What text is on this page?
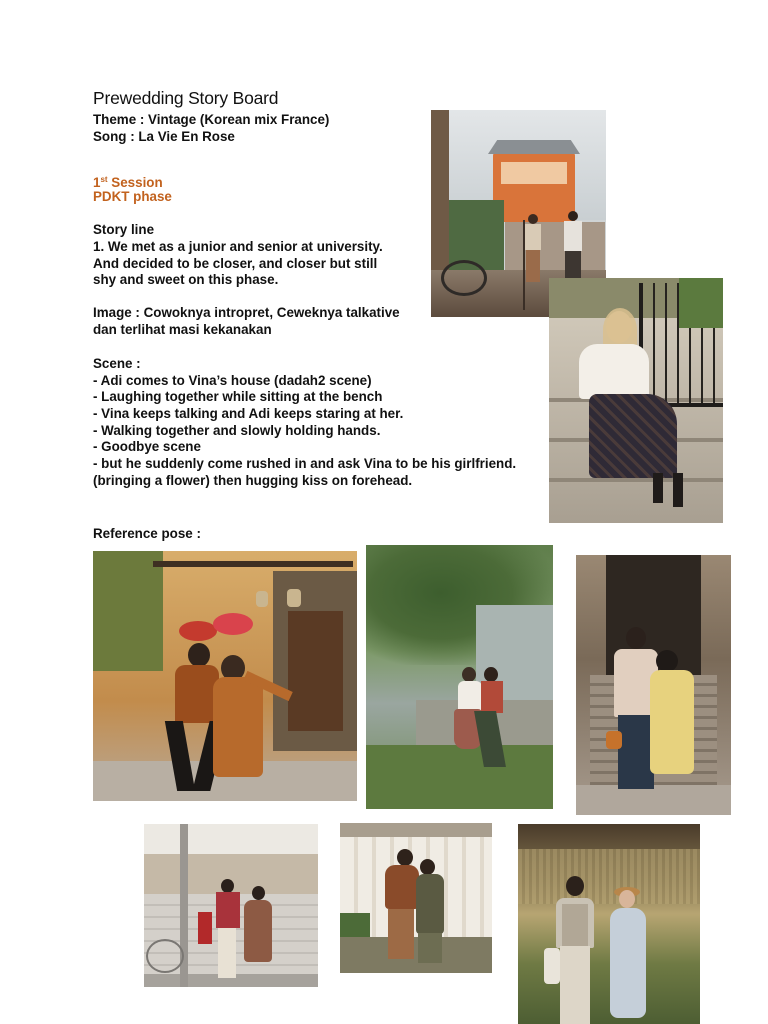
Prewedding Story Board
Theme : Vintage (Korean mix France)
Song : La Vie En Rose
1st Session
PDKT phase
Story line
1. We met as a junior and senior at university.
And decided to be closer, and closer but still
shy and sweet on this phase.
Image : Cowoknya intropret, Ceweknya talkative
dan terlihat masi kekanakan
Scene :
- Adi comes to Vina’s house (dadah2 scene)
- Laughing together while sitting at the bench
- Vina keeps talking and Adi keeps staring at her.
- Walking together and slowly holding hands.
- Goodbye scene
- but he suddenly come rushed in and ask Vina to be his girlfriend.
(bringing a flower) then hugging kiss on forehead.
Reference pose :
